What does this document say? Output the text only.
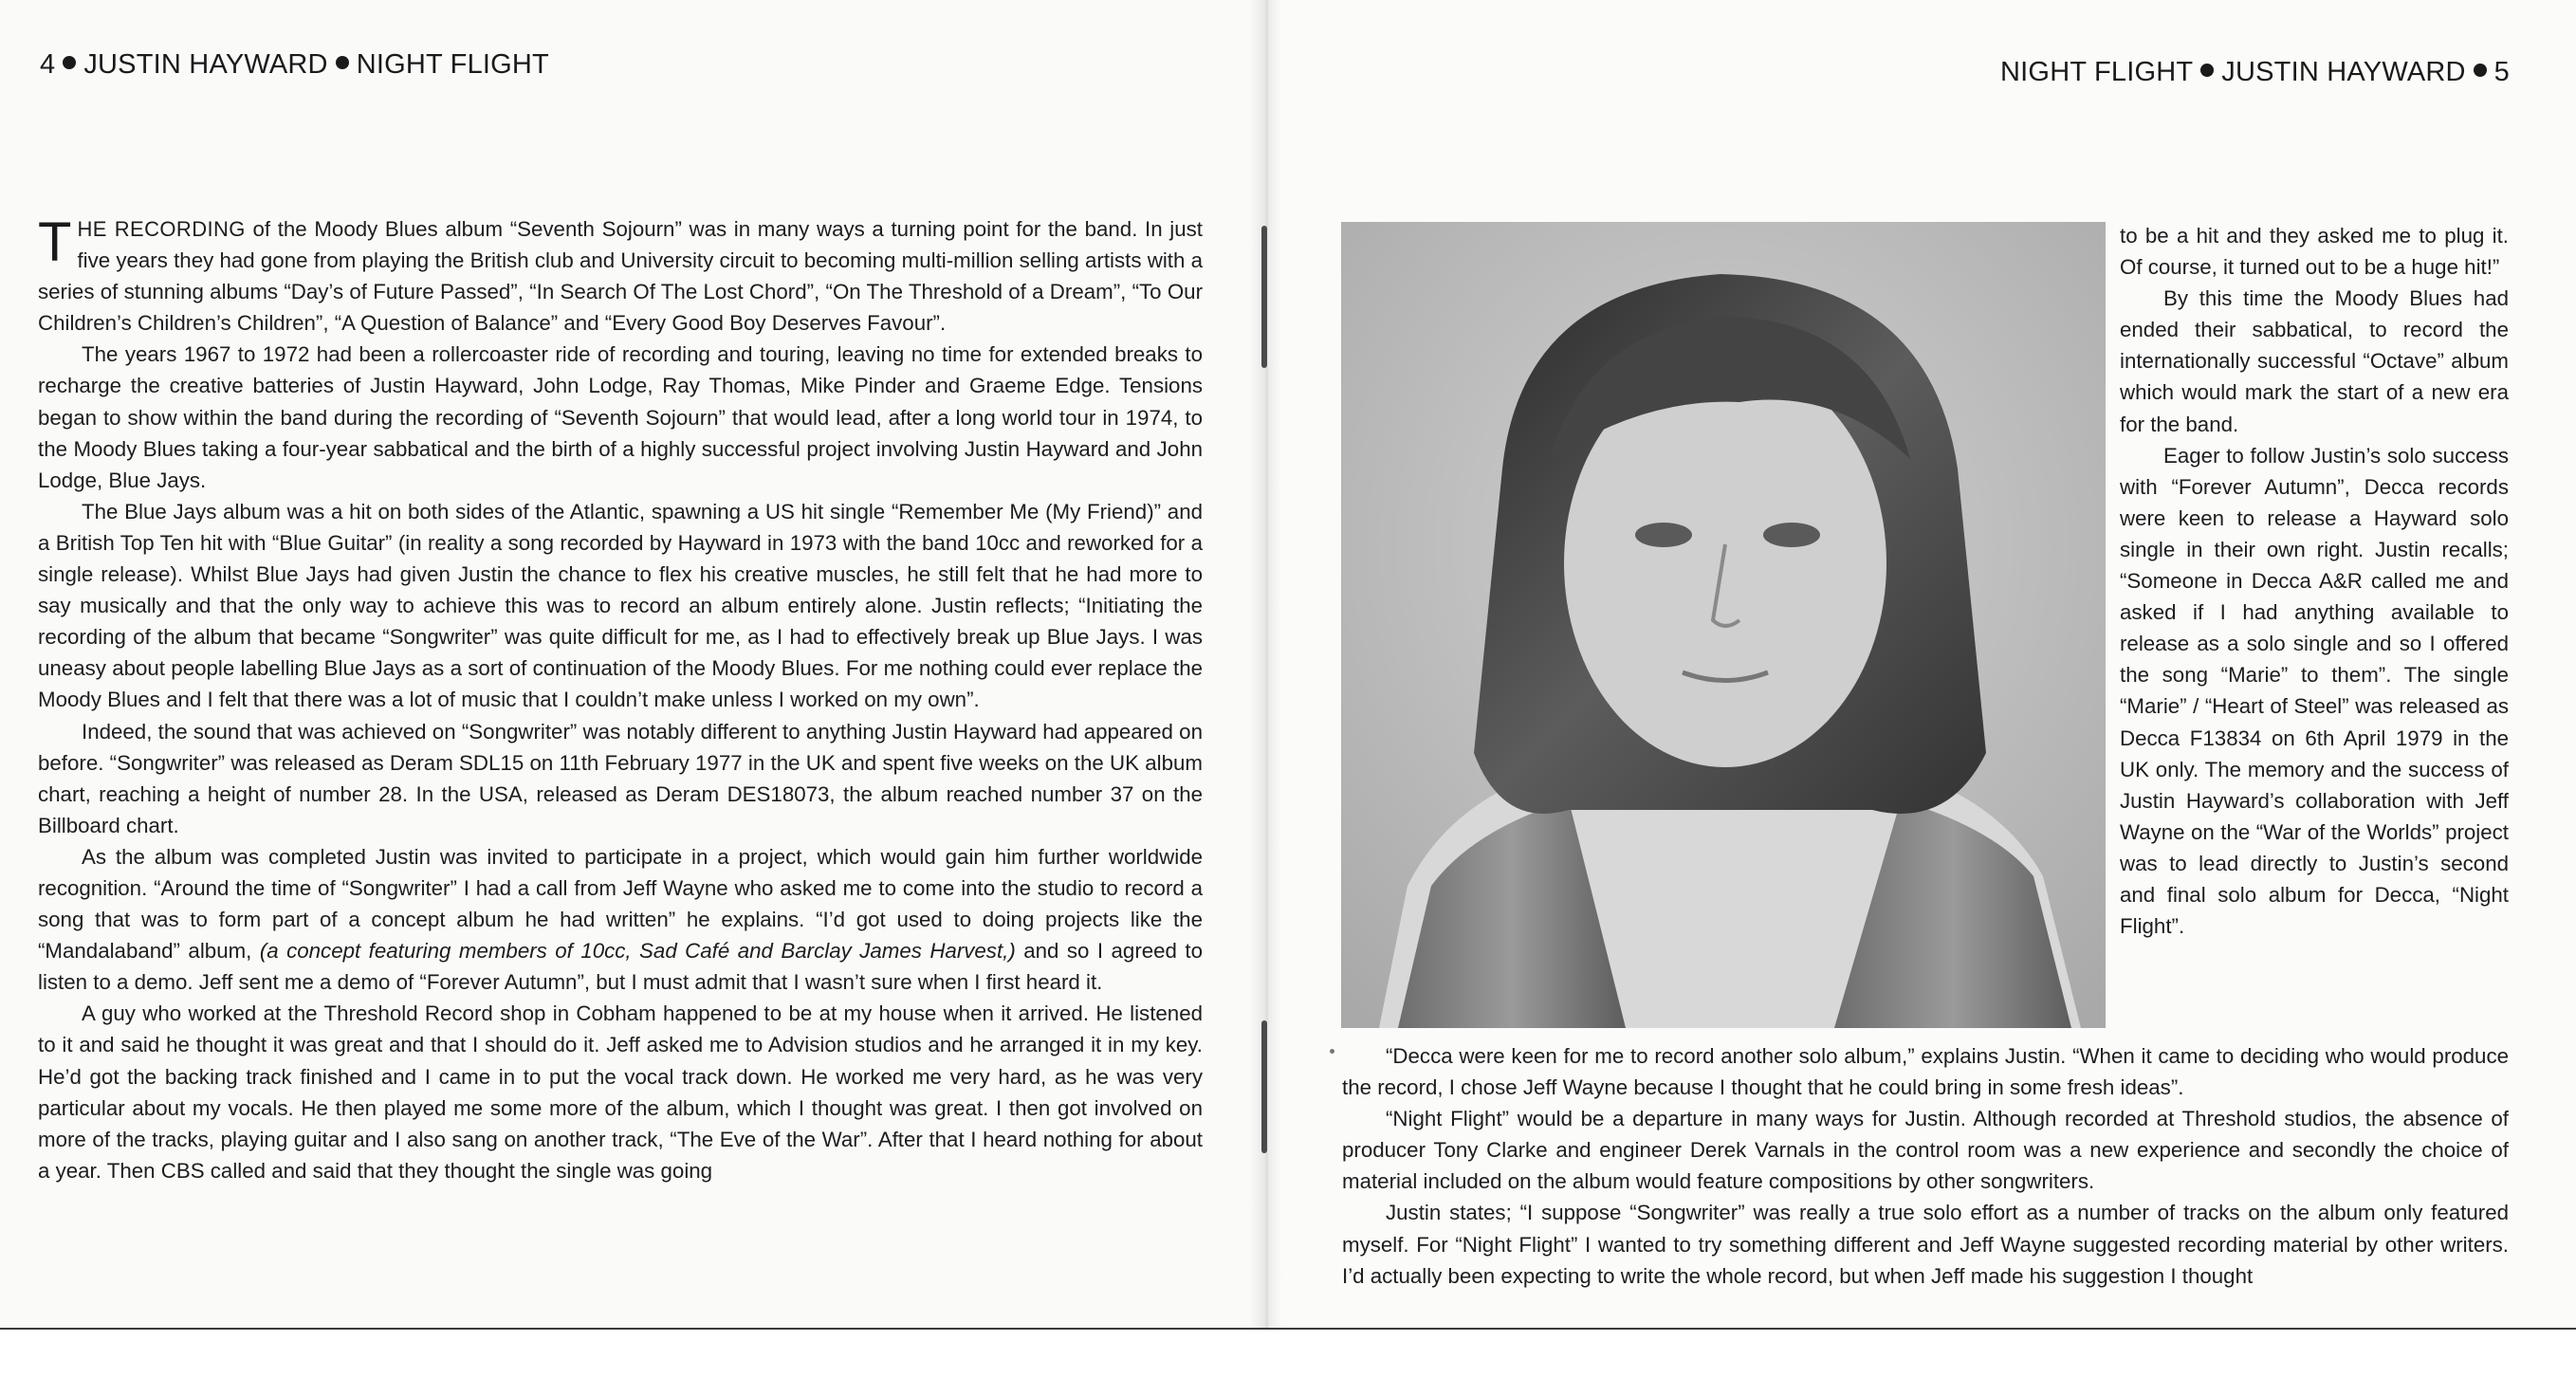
4 JUSTIN HAYWARD NIGHT FLIGHT	NIGHT FLIGHT JUSTIN HAYWARD 5

THE RECORDING of the Moody Blues album “Seventh Sojourn” was in many ways a turning point for the band. In just five years they had gone from playing the British club and University circuit to becoming multi-million selling artists with a series of stunning albums “Day’s of Future Passed”, “In Search Of The Lost Chord”, “On The Threshold of a Dream”, “To Our Children’s Children’s Children”, “A Question of Balance” and “Every Good Boy Deserves Favour”.

The years 1967 to 1972 had been a rollercoaster ride of recording and touring, leaving no time for extended breaks to recharge the creative batteries of Justin Hayward, John Lodge, Ray Thomas, Mike Pinder and Graeme Edge. Tensions began to show within the band during the recording of “Seventh Sojourn” that would lead, after a long world tour in 1974, to the Moody Blues taking a four-year sabbatical and the birth of a highly successful project involving Justin Hayward and John Lodge, Blue Jays.

The Blue Jays album was a hit on both sides of the Atlantic, spawning a US hit single “Remember Me (My Friend)” and a British Top Ten hit with “Blue Guitar” (in reality a song recorded by Hayward in 1973 with the band 10cc and reworked for a single release). Whilst Blue Jays had given Justin the chance to flex his creative muscles, he still felt that he had more to say musically and that the only way to achieve this was to record an album entirely alone. Justin reflects; “Initiating the recording of the album that became “Songwriter” was quite difficult for me, as I had to effectively break up Blue Jays. I was uneasy about people labelling Blue Jays as a sort of continuation of the Moody Blues. For me nothing could ever replace the Moody Blues and I felt that there was a lot of music that I couldn’t make unless I worked on my own”.

Indeed, the sound that was achieved on “Songwriter” was notably different to anything Justin Hayward had appeared on before. “Songwriter” was released as Deram SDL15 on 11th February 1977 in the UK and spent five weeks on the UK album chart, reaching a height of number 28. In the USA, released as Deram DES18073, the album reached number 37 on the Billboard chart.

As the album was completed Justin was invited to participate in a project, which would gain him further worldwide recognition. “Around the time of “Songwriter” I had a call from Jeff Wayne who asked me to come into the studio to record a song that was to form part of a concept album he had written” he explains. “I’d got used to doing projects like the “Mandalaband” album, (a concept featuring members of 10cc, Sad Café and Barclay James Harvest,) and so I agreed to listen to a demo. Jeff sent me a demo of “Forever Autumn”, but I must admit that I wasn’t sure when I first heard it.

A guy who worked at the Threshold Record shop in Cobham happened to be at my house when it arrived. He listened to it and said he thought it was great and that I should do it. Jeff asked me to Advision studios and he arranged it in my key. He’d got the backing track finished and I came in to put the vocal track down. He worked me very hard, as he was very particular about my vocals. He then played me some more of the album, which I thought was great. I then got involved on more of the tracks, playing guitar and I also sang on another track, “The Eve of the War”. After that I heard nothing for about a year. Then CBS called and said that they thought the single was going

to be a hit and they asked me to plug it. Of course, it turned out to be a huge hit!”

By this time the Moody Blues had ended their sabbatical, to record the internationally successful “Octave” album which would mark the start of a new era for the band.

Eager to follow Justin’s solo success with “Forever Autumn”, Decca records were keen to release a Hayward solo single in their own right. Justin recalls; “Someone in Decca A&R called me and asked if I had anything available to release as a solo single and so I offered the song “Marie” to them”. The single “Marie” / “Heart of Steel” was released as Decca F13834 on 6th April 1979 in the UK only. The memory and the success of Justin Hayward’s collaboration with Jeff Wayne on the “War of the Worlds” project was to lead directly to Justin’s second and final solo album for Decca, “Night Flight”.

“Decca were keen for me to record another solo album,” explains Justin. “When it came to deciding who would produce the record, I chose Jeff Wayne because I thought that he could bring in some fresh ideas”.

“Night Flight” would be a departure in many ways for Justin. Although recorded at Threshold studios, the absence of producer Tony Clarke and engineer Derek Varnals in the control room was a new experience and secondly the choice of material included on the album would feature compositions by other songwriters.

Justin states; “I suppose “Songwriter” was really a true solo effort as a number of tracks on the album only featured myself. For “Night Flight” I wanted to try something different and Jeff Wayne suggested recording material by other writers. I’d actually been expecting to write the whole record, but when Jeff made his suggestion I thought
